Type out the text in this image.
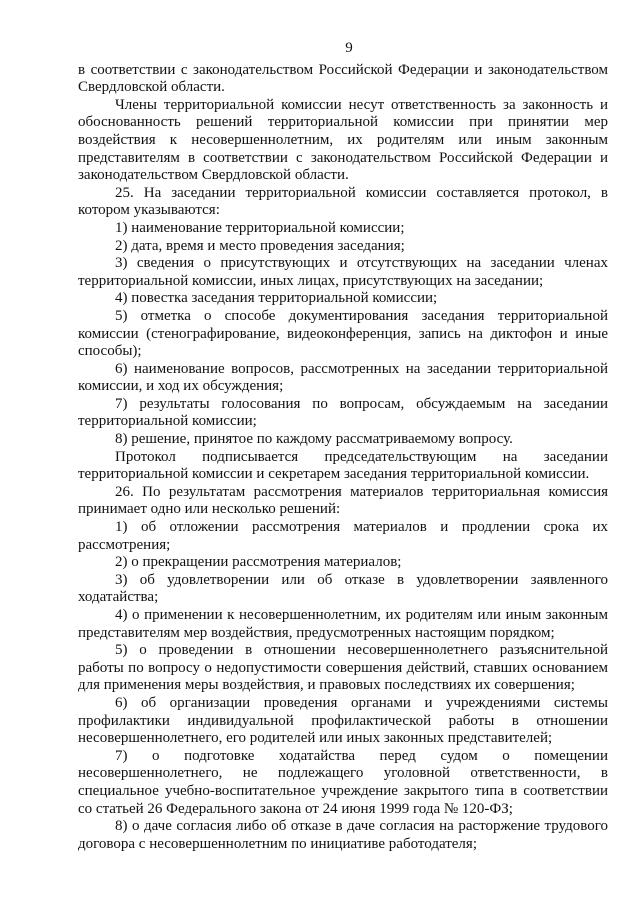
9

в соответствии с законодательством Российской Федерации и законодательством Свердловской области.

Члены территориальной комиссии несут ответственность за законность и обоснованность решений территориальной комиссии при принятии мер воздействия к несовершеннолетним, их родителям или иным законным представителям в соответствии с законодательством Российской Федерации и законодательством Свердловской области.

25. На заседании территориальной комиссии составляется протокол, в котором указываются:

1) наименование территориальной комиссии;

2) дата, время и место проведения заседания;

3) сведения о присутствующих и отсутствующих на заседании членах территориальной комиссии, иных лицах, присутствующих на заседании;

4) повестка заседания территориальной комиссии;

5) отметка о способе документирования заседания территориальной комиссии (стенографирование, видеоконференция, запись на диктофон и иные способы);

6) наименование вопросов, рассмотренных на заседании территориальной комиссии, и ход их обсуждения;

7) результаты голосования по вопросам, обсуждаемым на заседании территориальной комиссии;

8) решение, принятое по каждому рассматриваемому вопросу.

Протокол подписывается председательствующим на заседании территориальной комиссии и секретарем заседания территориальной комиссии.

26. По результатам рассмотрения материалов территориальная комиссия принимает одно или несколько решений:

1) об отложении рассмотрения материалов и продлении срока их рассмотрения;

2) о прекращении рассмотрения материалов;

3) об удовлетворении или об отказе в удовлетворении заявленного ходатайства;

4) о применении к несовершеннолетним, их родителям или иным законным представителям мер воздействия, предусмотренных настоящим порядком;

5) о проведении в отношении несовершеннолетнего разъяснительной работы по вопросу о недопустимости совершения действий, ставших основанием для применения меры воздействия, и правовых последствиях их совершения;

6) об организации проведения органами и учреждениями системы профилактики индивидуальной профилактической работы в отношении несовершеннолетнего, его родителей или иных законных представителей;

7) о подготовке ходатайства перед судом о помещении несовершеннолетнего, не подлежащего уголовной ответственности, в специальное учебно-воспитательное учреждение закрытого типа в соответствии со статьей 26 Федерального закона от 24 июня 1999 года № 120-ФЗ;

8) о даче согласия либо об отказе в даче согласия на расторжение трудового договора с несовершеннолетним по инициативе работодателя;
